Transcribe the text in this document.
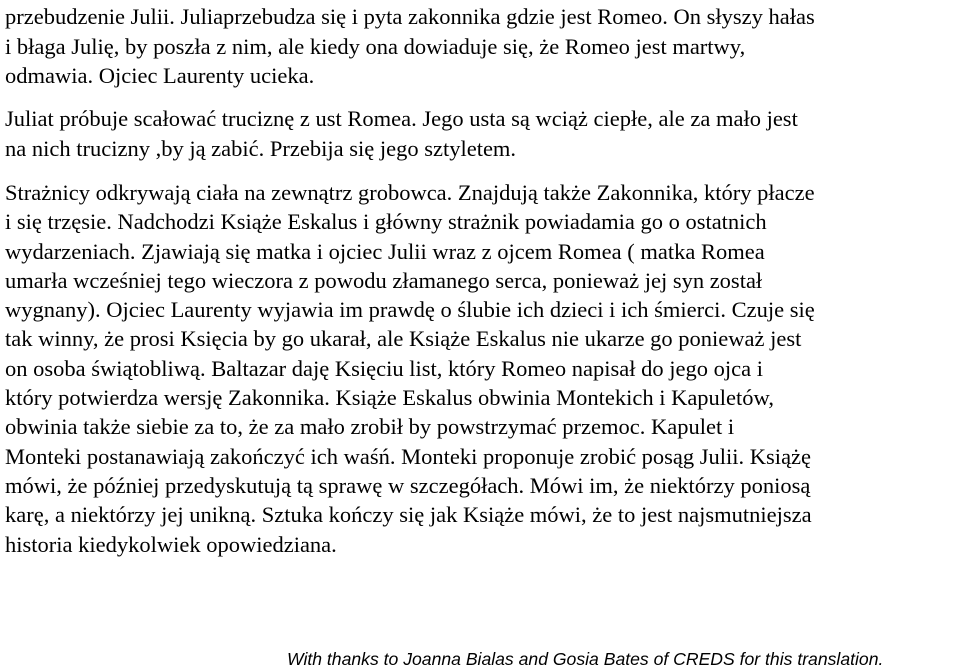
przebudzenie Julii. Juliaprzebudza się i pyta zakonnika gdzie jest Romeo. On słyszy hałas
i błaga Julię, by poszła z nim, ale kiedy ona dowiaduje się, że Romeo jest martwy,
odmawia. Ojciec Laurenty ucieka.

Juliat próbuje scałować truciznę z ust Romea. Jego usta są wciąż ciepłe, ale za mało jest
na nich trucizny ,by ją zabić. Przebija się jego sztyletem.

Strażnicy odkrywają ciała na zewnątrz grobowca. Znajdują także Zakonnika, który płacze
i się trzęsie. Nadchodzi Książe Eskalus i główny strażnik powiadamia go o ostatnich
wydarzeniach. Zjawiają się matka i ojciec Julii wraz z ojcem Romea ( matka Romea
umarła wcześniej tego wieczora z powodu złamanego serca, ponieważ jej syn został
wygnany). Ojciec Laurenty wyjawia im prawdę o ślubie ich dzieci i ich śmierci. Czuje się
tak winny, że prosi Księcia by go ukarał, ale Książe Eskalus nie ukarze go ponieważ jest
on osoba świątobliwą. Baltazar daję Księciu list, który Romeo napisał do jego ojca i
który potwierdza wersję Zakonnika. Książe Eskalus obwinia Montekich i Kapuletów,
obwinia także siebie za to, że za mało zrobił by powstrzymać przemoc. Kapulet i
Monteki postanawiają zakończyć ich waśń. Monteki proponuje zrobić posąg Julii. Książę
mówi, że później przedyskutują tą sprawę w szczegółach. Mówi im, że niektórzy poniosą
karę, a niektórzy jej unikną. Sztuka kończy się jak Książe mówi, że to jest najsmutniejsza
historia kiedykolwiek opowiedziana.

With thanks to Joanna Bialas and Gosia Bates of CREDS for this translation.
